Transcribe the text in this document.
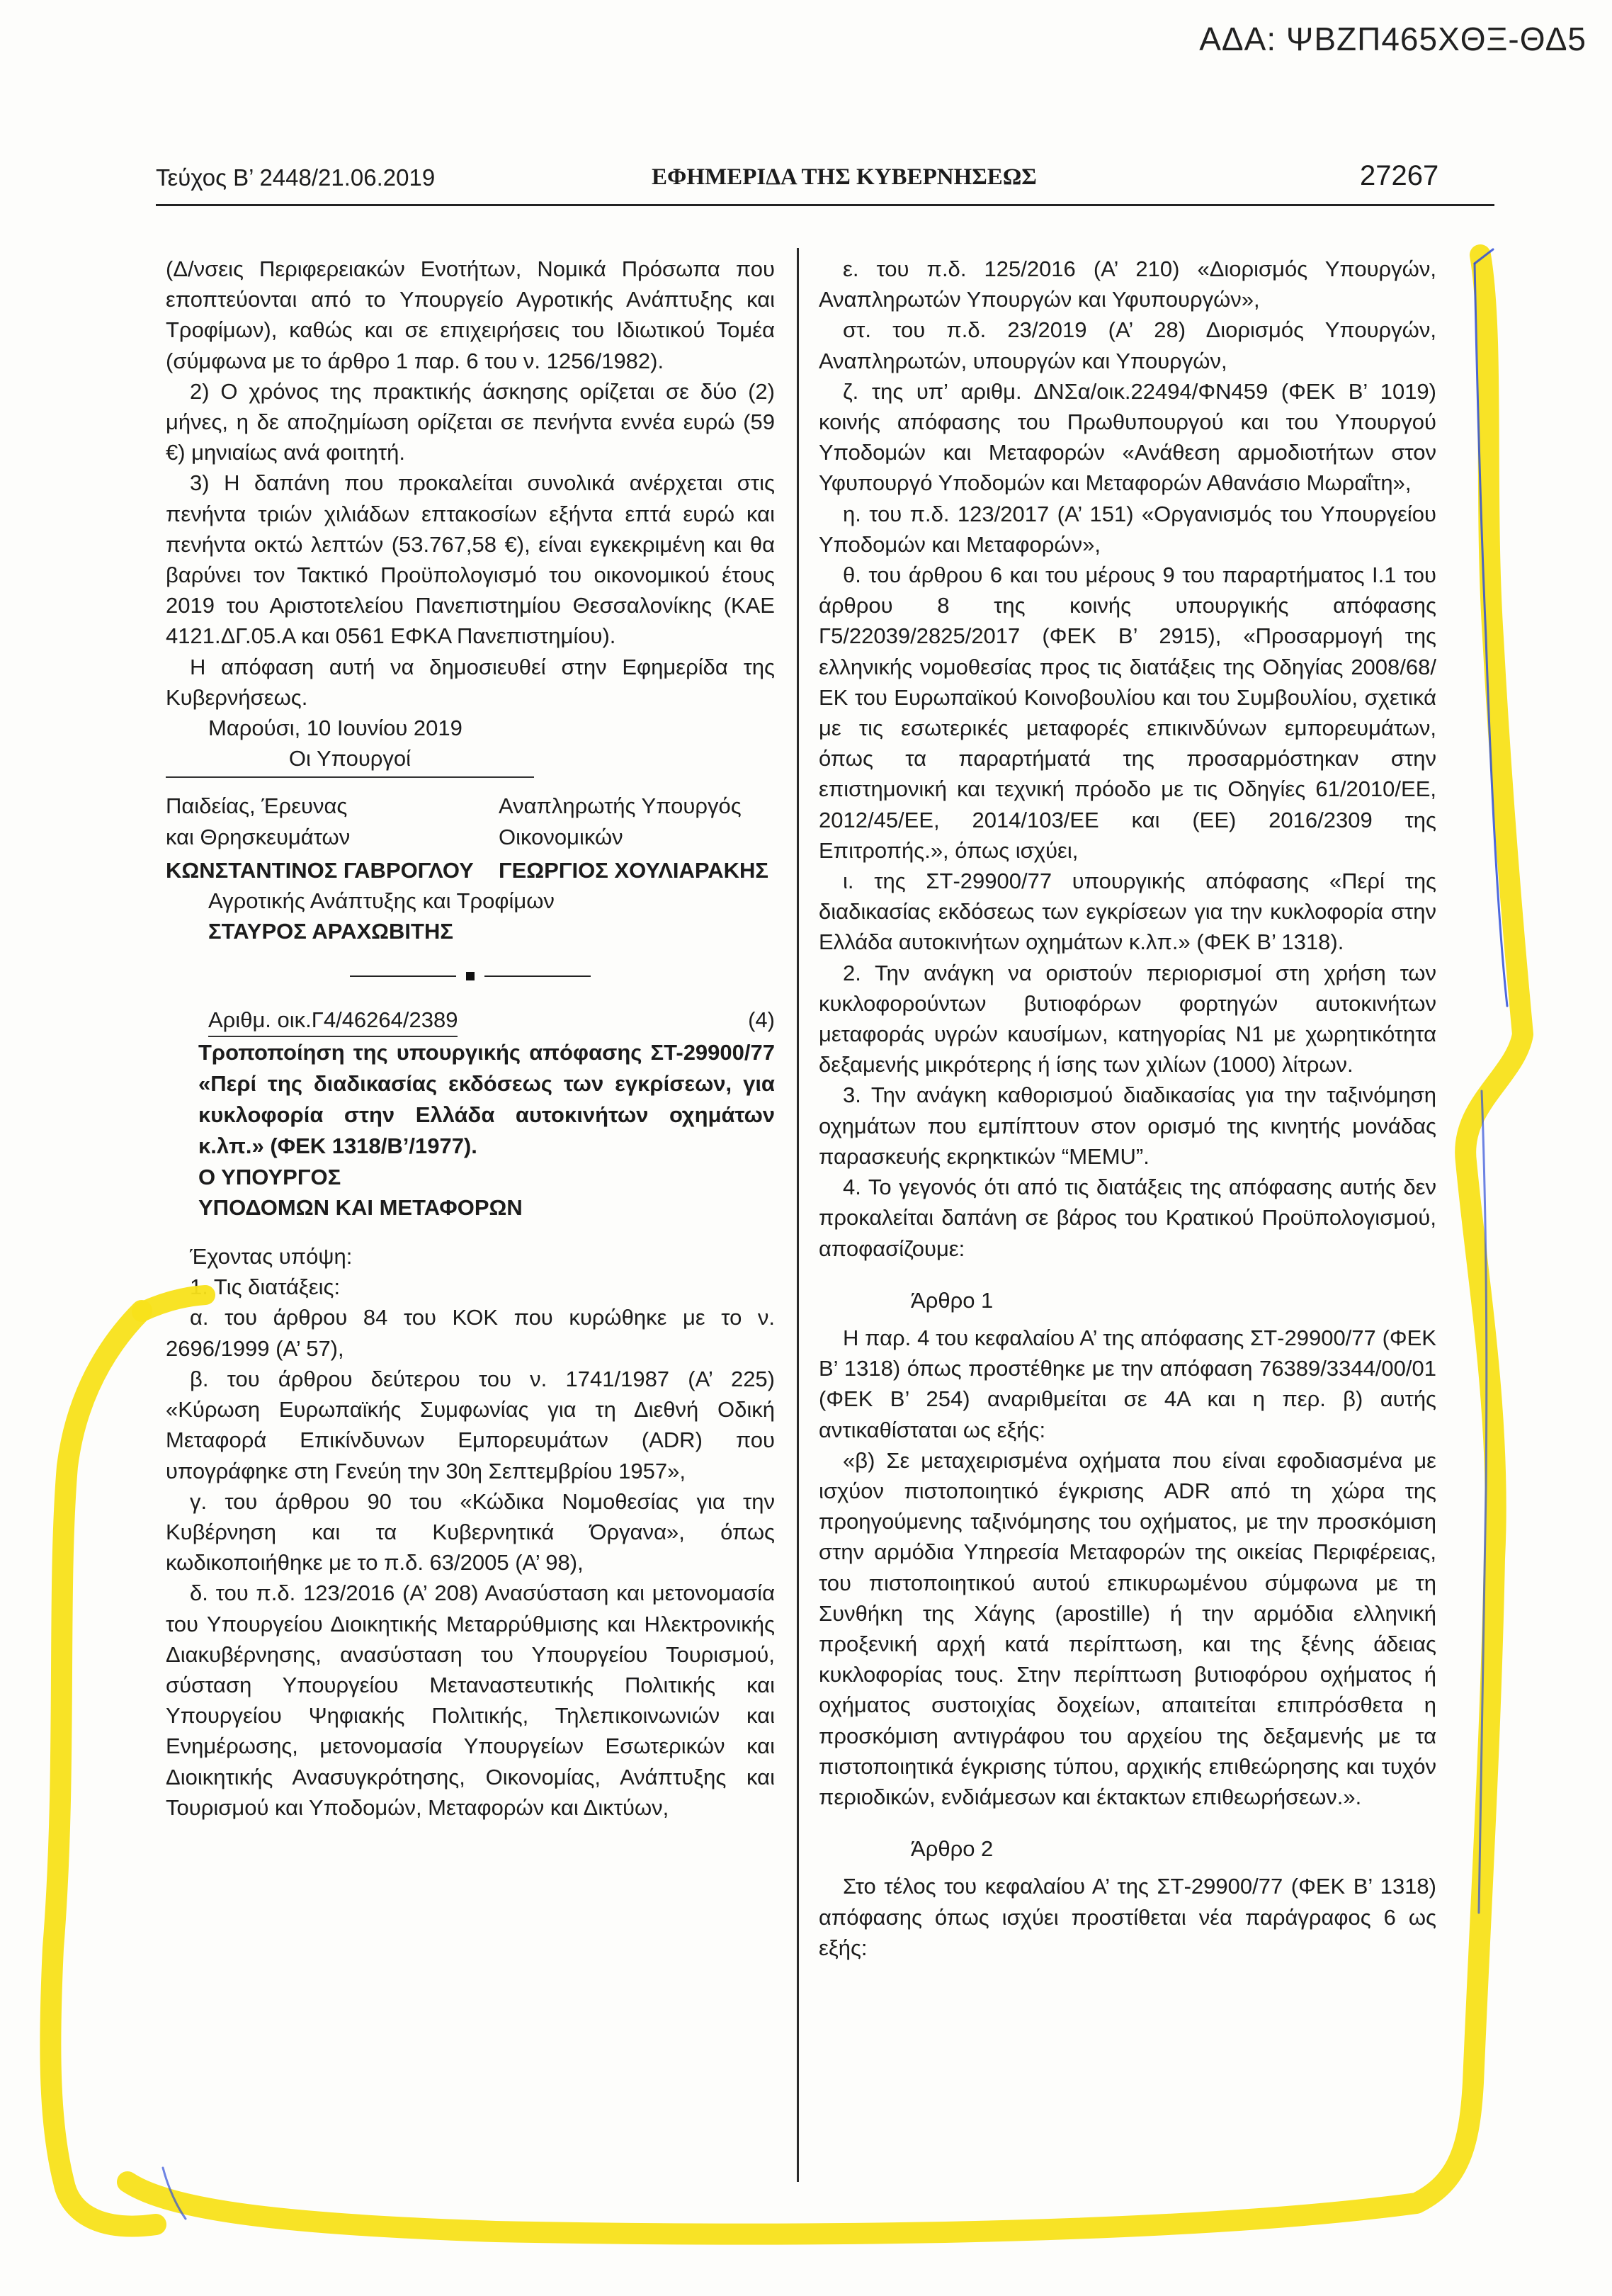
ΑΔΑ: ΨΒΖΠ465ΧΘΞ-ΘΔ5
Τεύχος Β’ 2448/21.06.2019	ΕΦΗΜΕΡΙΔΑ ΤΗΣ ΚΥΒΕΡΝΗΣΕΩΣ	27267

(Δ/νσεις Περιφερειακών Ενοτήτων, Νομικά Πρόσωπα που εποπτεύονται από το Υπουργείο Αγροτικής Ανάπτυξης και Τροφίμων), καθώς και σε επιχειρήσεις του Ιδιωτικού Τομέα (σύμφωνα με το άρθρο 1 παρ. 6 του ν. 1256/1982).

2) Ο χρόνος της πρακτικής άσκησης ορίζεται σε δύο (2) μήνες, η δε αποζημίωση ορίζεται σε πενήντα εννέα ευρώ (59 €) μηνιαίως ανά φοιτητή.

3) Η δαπάνη που προκαλείται συνολικά ανέρχεται στις πενήντα τριών χιλιάδων επτακοσίων εξήντα επτά ευρώ και πενήντα οκτώ λεπτών (53.767,58 €), είναι εγκεκριμένη και θα βαρύνει τον Τακτικό Προϋπολογισμό του οικονομικού έτους 2019 του Αριστοτελείου Πανεπιστημίου Θεσσαλονίκης (ΚΑΕ 4121.ΔΓ.05.Α και 0561 ΕΦΚΑ Πανεπιστημίου).

Η απόφαση αυτή να δημοσιευθεί στην Εφημερίδα της Κυβερνήσεως.

Μαρούσι, 10 Ιουνίου 2019

Οι Υπουργοί

Παιδείας, Έρευνας

και Θρησκευμάτων

ΚΩΝΣΤΑΝΤΙΝΟΣ ΓΑΒΡΟΓΛΟΥ

Αναπληρωτής Υπουργός

Οικονομικών

ΓΕΩΡΓΙΟΣ ΧΟΥΛΙΑΡΑΚΗΣ

Αγροτικής Ανάπτυξης και Τροφίμων

ΣΤΑΥΡΟΣ ΑΡΑΧΩΒΙΤΗΣ

Αριθμ. οικ.Γ4/46264/2389	(4)

Τροποποίηση της υπουργικής απόφασης ΣΤ-29900/77 «Περί της διαδικασίας εκδόσεως των εγκρίσεων, για κυκλοφορία στην Ελλάδα αυτοκινήτων οχημάτων κ.λπ.» (ΦΕΚ 1318/Β’/1977).

Ο ΥΠΟΥΡΓΟΣ

ΥΠΟΔΟΜΩΝ ΚΑΙ ΜΕΤΑΦΟΡΩΝ

Έχοντας υπόψη:

1. Τις διατάξεις:

α. του άρθρου 84 του ΚΟΚ που κυρώθηκε με το ν. 2696/1999 (Α’ 57),

β. του άρθρου δεύτερου του ν. 1741/1987 (Α’ 225) «Κύρωση Ευρωπαϊκής Συμφωνίας για τη Διεθνή Οδική Μεταφορά Επικίνδυνων Εμπορευμάτων (ADR) που υπογράφηκε στη Γενεύη την 30η Σεπτεμβρίου 1957»,

γ. του άρθρου 90 του «Κώδικα Νομοθεσίας για την Κυβέρνηση και τα Κυβερνητικά Όργανα», όπως κωδικοποιήθηκε με το π.δ. 63/2005 (Α’ 98),

δ. του π.δ. 123/2016 (Α’ 208) Ανασύσταση και μετονομασία του Υπουργείου Διοικητικής Μεταρρύθμισης και Ηλεκτρονικής Διακυβέρνησης, ανασύσταση του Υπουργείου Τουρισμού, σύσταση Υπουργείου Μεταναστευτικής Πολιτικής και Υπουργείου Ψηφιακής Πολιτικής, Τηλεπικοινωνιών και Ενημέρωσης, μετονομασία Υπουργείων Εσωτερικών και Διοικητικής Ανασυγκρότησης, Οικονομίας, Ανάπτυξης και Τουρισμού και Υποδομών, Μεταφορών και Δικτύων,

ε. του π.δ. 125/2016 (Α’ 210) «Διορισμός Υπουργών, Αναπληρωτών Υπουργών και Υφυπουργών»,

στ. του π.δ. 23/2019 (Α’ 28) Διορισμός Υπουργών, Αναπληρωτών, υπουργών και Υπουργών,

ζ. της υπ’ αριθμ. ΔΝΣα/οικ.22494/ΦΝ459 (ΦΕΚ Β’ 1019) κοινής απόφασης του Πρωθυπουργού και του Υπουργού Υποδομών και Μεταφορών «Ανάθεση αρμοδιοτήτων στον Υφυπουργό Υποδομών και Μεταφορών Αθανάσιο Μωραΐτη»,

η. του π.δ. 123/2017 (Α’ 151) «Οργανισμός του Υπουργείου Υποδομών και Μεταφορών»,

θ. του άρθρου 6 και του μέρους 9 του παραρτήματος Ι.1 του άρθρου 8 της κοινής υπουργικής απόφασης Γ5/22039/2825/2017 (ΦΕΚ Β’ 2915), «Προσαρμογή της ελληνικής νομοθεσίας προς τις διατάξεις της Οδηγίας 2008/68/ΕΚ του Ευρωπαϊκού Κοινοβουλίου και του Συμβουλίου, σχετικά με τις εσωτερικές μεταφορές επικινδύνων εμπορευμάτων, όπως τα παραρτήματά της προσαρμόστηκαν στην επιστημονική και τεχνική πρόοδο με τις Οδηγίες 61/2010/ΕΕ, 2012/45/ΕΕ, 2014/103/ΕΕ και (ΕΕ) 2016/2309 της Επιτροπής.», όπως ισχύει,

ι. της ΣΤ-29900/77 υπουργικής απόφασης «Περί της διαδικασίας εκδόσεως των εγκρίσεων για την κυκλοφορία στην Ελλάδα αυτοκινήτων οχημάτων κ.λπ.» (ΦΕΚ Β’ 1318).

2. Την ανάγκη να οριστούν περιορισμοί στη χρήση των κυκλοφορούντων βυτιοφόρων φορτηγών αυτοκινήτων μεταφοράς υγρών καυσίμων, κατηγορίας Ν1 με χωρητικότητα δεξαμενής μικρότερης ή ίσης των χιλίων (1000) λίτρων.

3. Την ανάγκη καθορισμού διαδικασίας για την ταξινόμηση οχημάτων που εμπίπτουν στον ορισμό της κινητής μονάδας παρασκευής εκρηκτικών “MEMU”.

4. Το γεγονός ότι από τις διατάξεις της απόφασης αυτής δεν προκαλείται δαπάνη σε βάρος του Κρατικού Προϋπολογισμού, αποφασίζουμε:

Άρθρο 1

Η παρ. 4 του κεφαλαίου Α’ της απόφασης ΣΤ-29900/77 (ΦΕΚ Β’ 1318) όπως προστέθηκε με την απόφαση 76389/3344/00/01 (ΦΕΚ Β’ 254) αναριθμείται σε 4Α και η περ. β) αυτής αντικαθίσταται ως εξής:

«β) Σε μεταχειρισμένα οχήματα που είναι εφοδιασμένα με ισχύον πιστοποιητικό έγκρισης ADR από τη χώρα της προηγούμενης ταξινόμησης του οχήματος, με την προσκόμιση στην αρμόδια Υπηρεσία Μεταφορών της οικείας Περιφέρειας, του πιστοποιητικού αυτού επικυρωμένου σύμφωνα με τη Συνθήκη της Χάγης (apostille) ή την αρμόδια ελληνική προξενική αρχή κατά περίπτωση, και της ξένης άδειας κυκλοφορίας τους. Στην περίπτωση βυτιοφόρου οχήματος ή οχήματος συστοιχίας δοχείων, απαιτείται επιπρόσθετα η προσκόμιση αντιγράφου του αρχείου της δεξαμενής με τα πιστοποιητικά έγκρισης τύπου, αρχικής επιθεώρησης και τυχόν περιοδικών, ενδιάμεσων και έκτακτων επιθεωρήσεων.».

Άρθρο 2

Στο τέλος του κεφαλαίου Α’ της ΣΤ-29900/77 (ΦΕΚ Β’ 1318) απόφασης όπως ισχύει προστίθεται νέα παράγραφος 6 ως εξής:
